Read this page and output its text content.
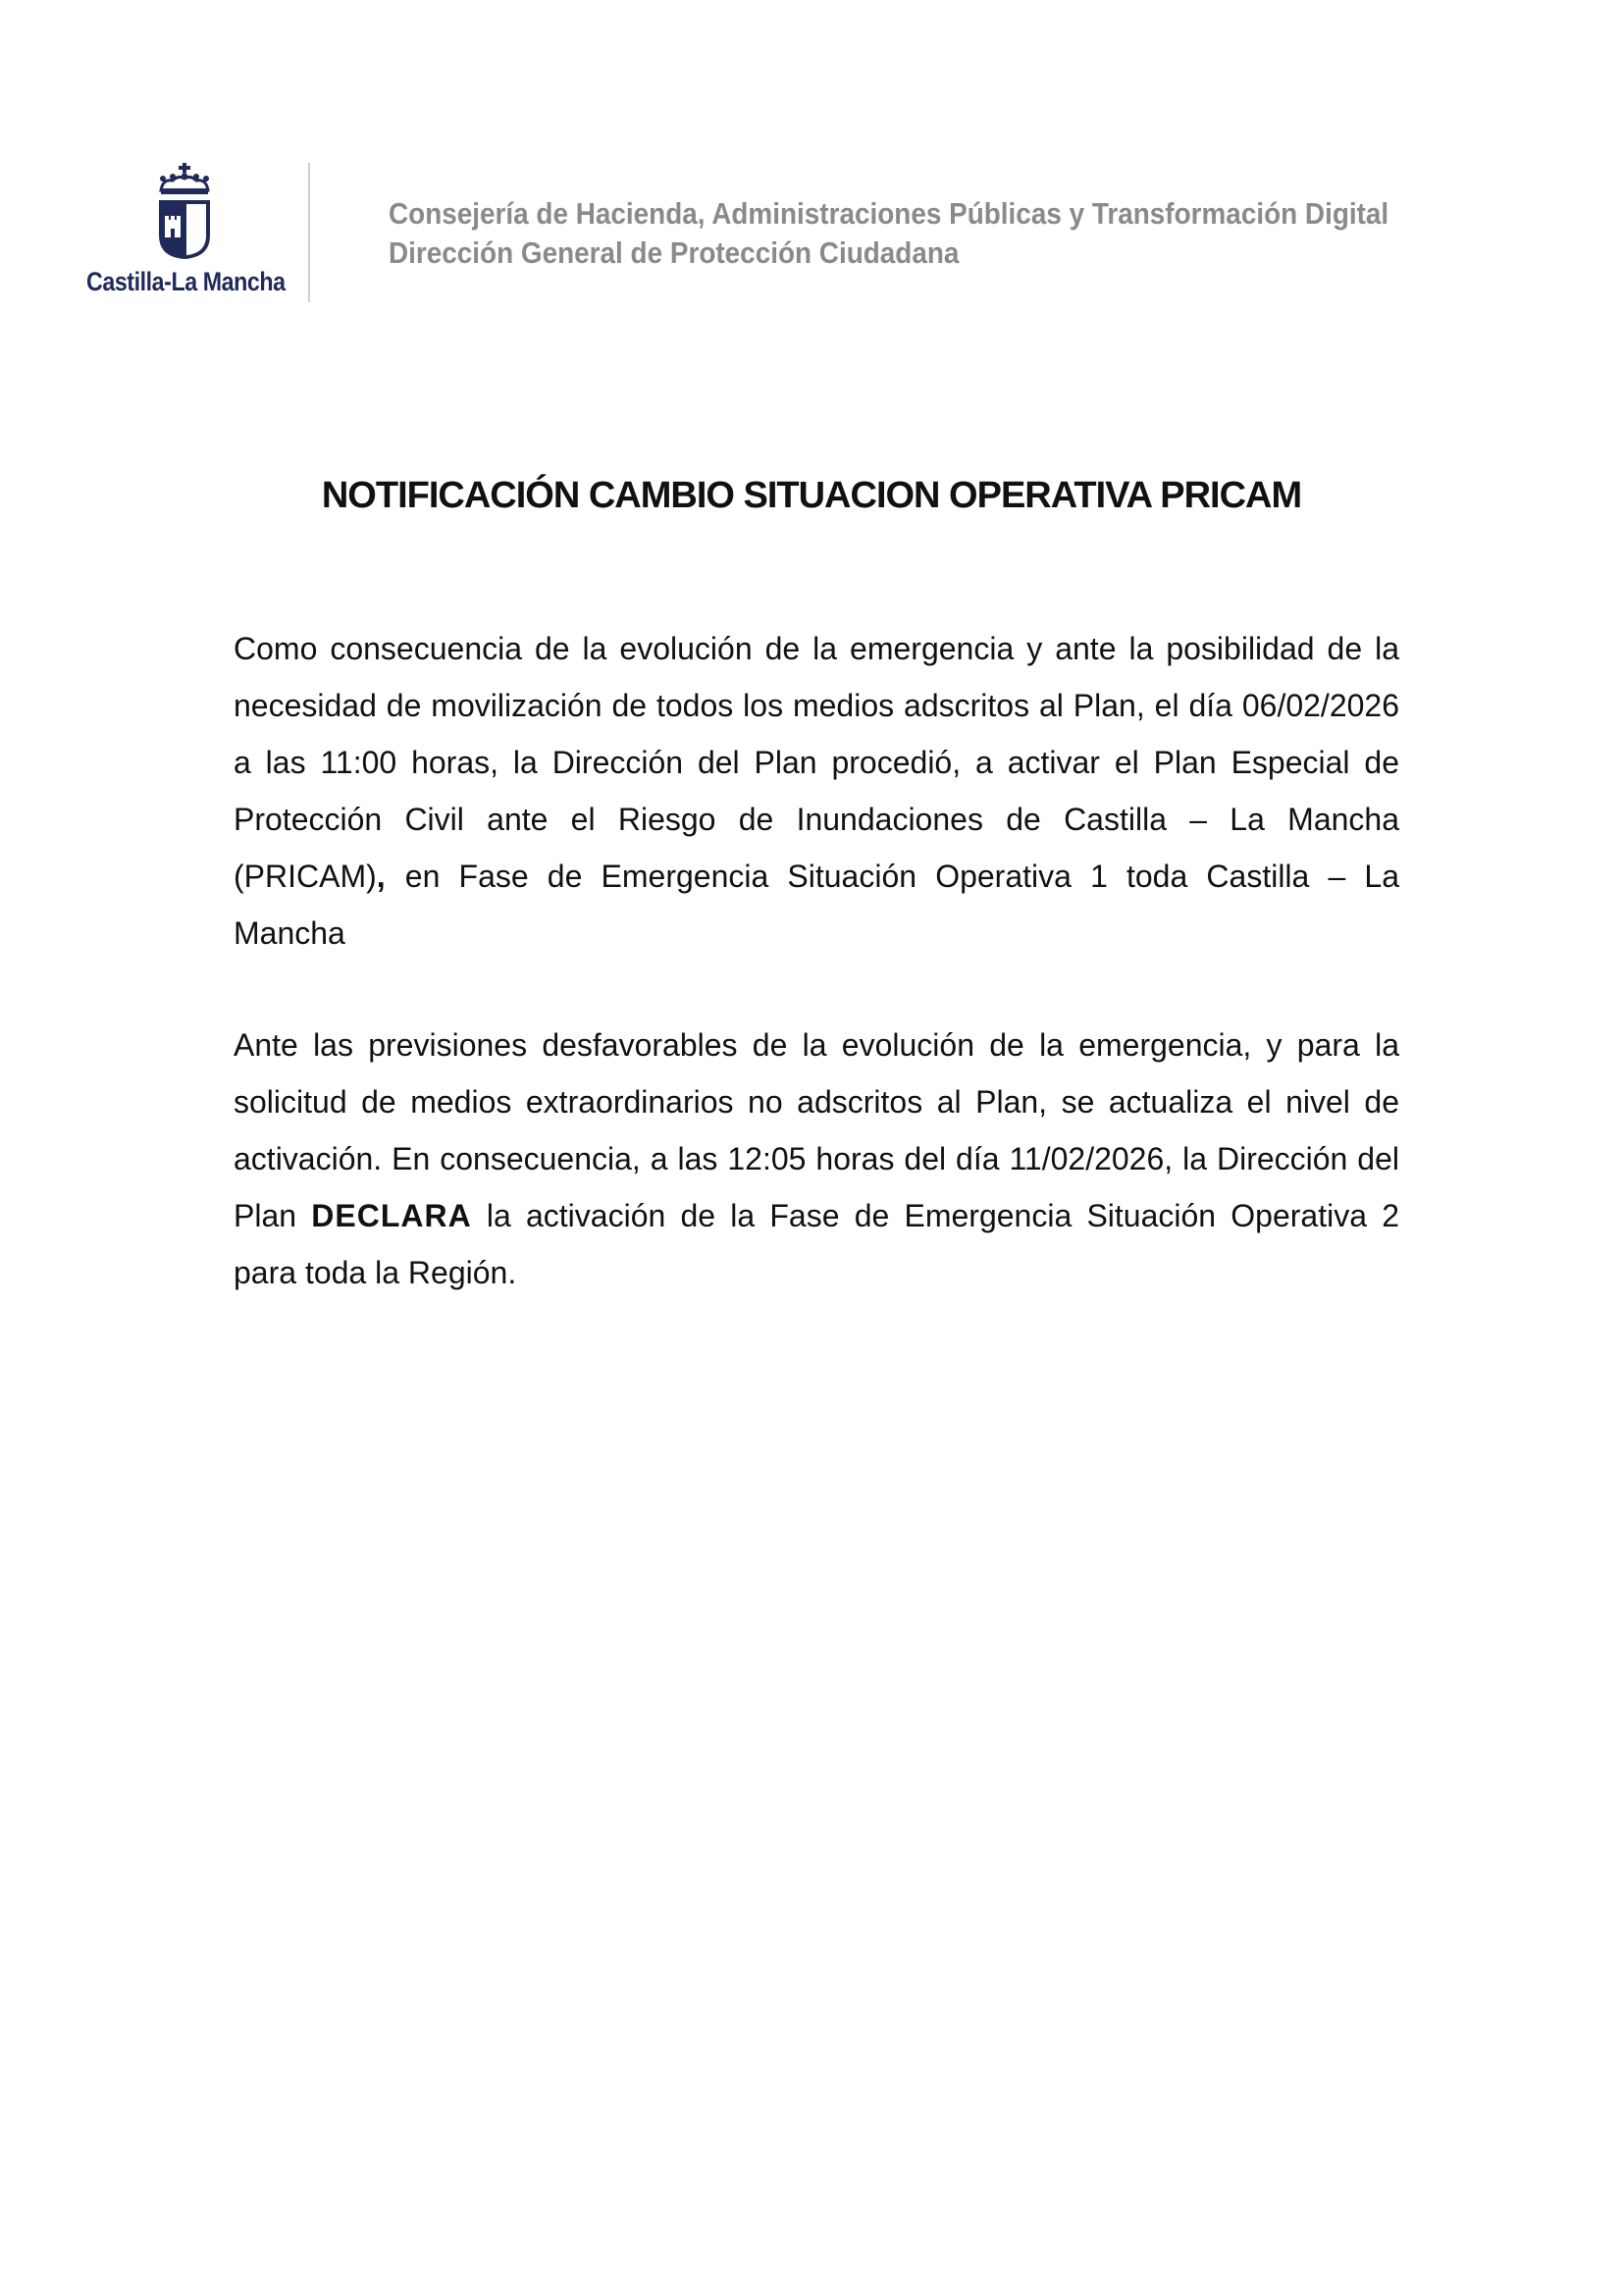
Castilla-La Mancha
Consejería de Hacienda, Administraciones Públicas y Transformación Digital
Dirección General de Protección Ciudadana
NOTIFICACIÓN CAMBIO SITUACION OPERATIVA PRICAM

Como consecuencia de la evolución de la emergencia y ante la posibilidad de la necesidad de movilización de todos los medios adscritos al Plan, el día 06/02/2026 a las 11:00 horas, la Dirección del Plan procedió, a activar el Plan Especial de Protección Civil ante el Riesgo de Inundaciones de Castilla – La Mancha (PRICAM), en Fase de Emergencia Situación Operativa 1 toda Castilla – La Mancha

Ante las previsiones desfavorables de la evolución de la emergencia, y para la solicitud de medios extraordinarios no adscritos al Plan, se actualiza el nivel de activación. En consecuencia, a las 12:05 horas del día 11/02/2026, la Dirección del Plan DECLARA la activación de la Fase de Emergencia Situación Operativa 2 para toda la Región.
